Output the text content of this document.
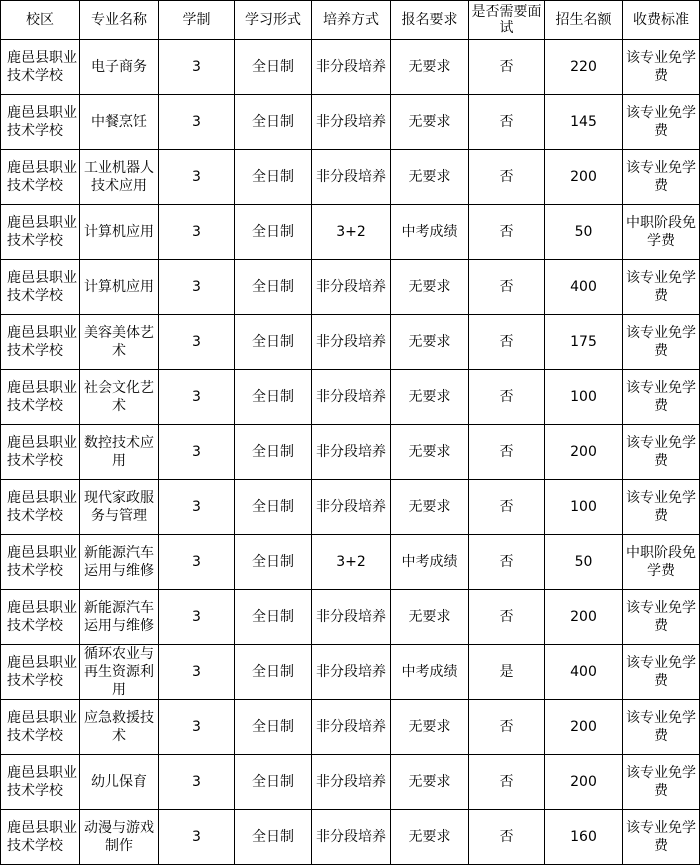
校区	专业名称	学制	学习形式	培养方式	报名要求	是否需要面试	招生名额	收费标准
鹿邑县职业技术学校	电子商务	3	全日制	非分段培养	无要求	否	220	该专业免学费
鹿邑县职业技术学校	中餐烹饪	3	全日制	非分段培养	无要求	否	145	该专业免学费
鹿邑县职业技术学校	工业机器人技术应用	3	全日制	非分段培养	无要求	否	200	该专业免学费
鹿邑县职业技术学校	计算机应用	3	全日制	3+2	中考成绩	否	50	中职阶段免学费
鹿邑县职业技术学校	计算机应用	3	全日制	非分段培养	无要求	否	400	该专业免学费
鹿邑县职业技术学校	美容美体艺术	3	全日制	非分段培养	无要求	否	175	该专业免学费
鹿邑县职业技术学校	社会文化艺术	3	全日制	非分段培养	无要求	否	100	该专业免学费
鹿邑县职业技术学校	数控技术应用	3	全日制	非分段培养	无要求	否	200	该专业免学费
鹿邑县职业技术学校	现代家政服务与管理	3	全日制	非分段培养	无要求	否	100	该专业免学费
鹿邑县职业技术学校	新能源汽车运用与维修	3	全日制	3+2	中考成绩	否	50	中职阶段免学费
鹿邑县职业技术学校	新能源汽车运用与维修	3	全日制	非分段培养	无要求	否	200	该专业免学费
鹿邑县职业技术学校	循环农业与再生资源利用	3	全日制	非分段培养	中考成绩	是	400	该专业免学费
鹿邑县职业技术学校	应急救援技术	3	全日制	非分段培养	无要求	否	200	该专业免学费
鹿邑县职业技术学校	幼儿保育	3	全日制	非分段培养	无要求	否	200	该专业免学费
鹿邑县职业技术学校	动漫与游戏制作	3	全日制	非分段培养	无要求	否	160	该专业免学费
